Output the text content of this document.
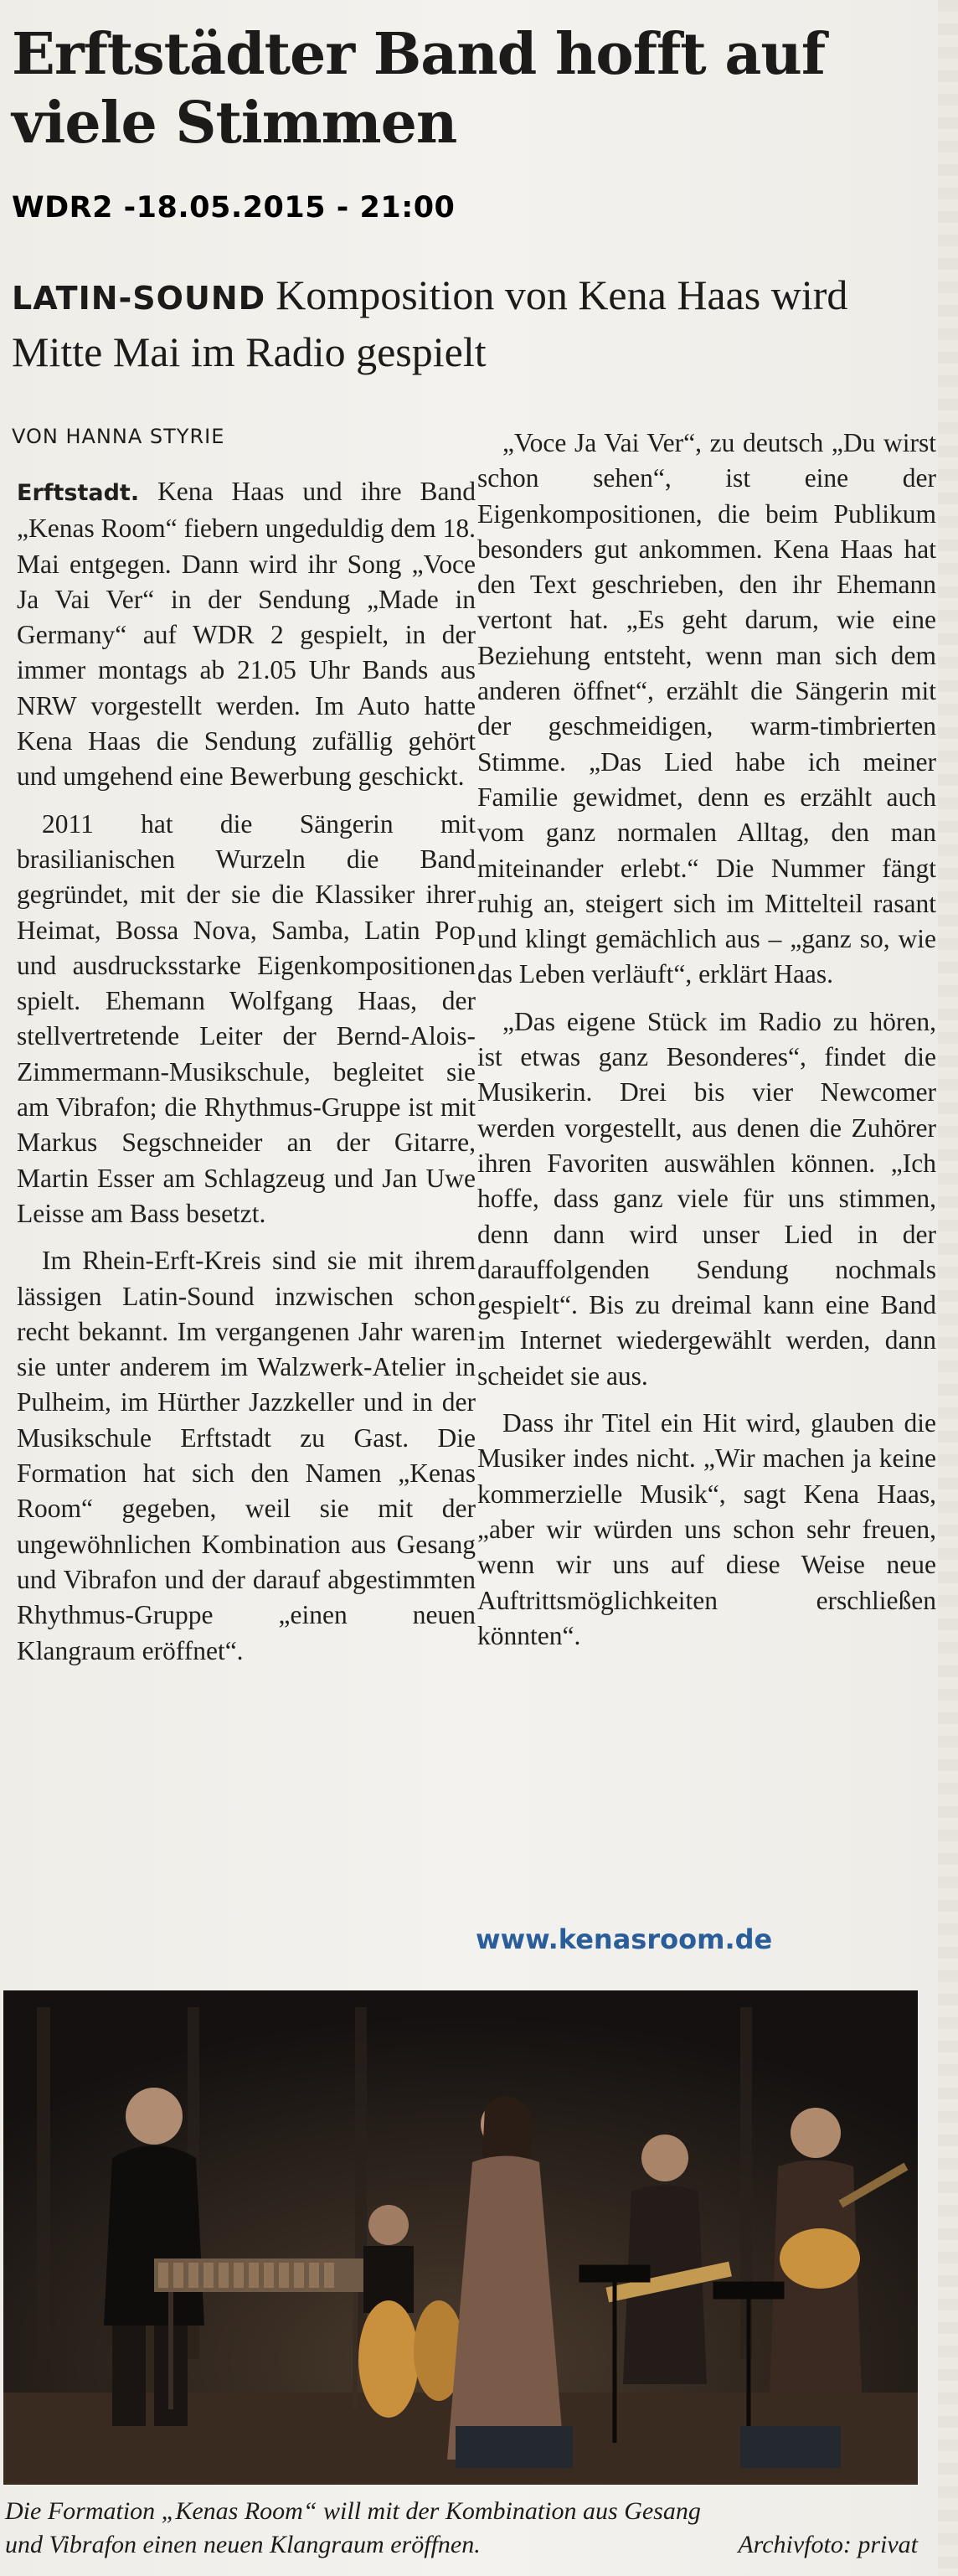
Erftstädter Band hofft auf viele Stimmen
WDR2 -18.05.2015 - 21:00
LATIN-SOUND Komposition von Kena Haas wird Mitte Mai im Radio gespielt
VON HANNA STYRIE

Erftstadt. Kena Haas und ihre Band „Kenas Room“ fiebern ungeduldig dem 18. Mai entgegen. Dann wird ihr Song „Voce Ja Vai Ver“ in der Sendung „Made in Germany“ auf WDR 2 gespielt, in der immer montags ab 21.05 Uhr Bands aus NRW vorgestellt werden. Im Auto hatte Kena Haas die Sendung zufällig gehört und umgehend eine Bewerbung geschickt.

2011 hat die Sängerin mit brasilianischen Wurzeln die Band gegründet, mit der sie die Klassiker ihrer Heimat, Bossa Nova, Samba, Latin Pop und ausdrucksstarke Eigenkompositionen spielt. Ehemann Wolfgang Haas, der stellvertretende Leiter der Bernd-Alois-Zimmermann-Musikschule, begleitet sie am Vibrafon; die Rhythmus-Gruppe ist mit Markus Segschneider an der Gitarre, Martin Esser am Schlagzeug und Jan Uwe Leisse am Bass besetzt.

Im Rhein-Erft-Kreis sind sie mit ihrem lässigen Latin-Sound inzwischen schon recht bekannt. Im vergangenen Jahr waren sie unter anderem im Walzwerk-Atelier in Pulheim, im Hürther Jazzkeller und in der Musikschule Erftstadt zu Gast. Die Formation hat sich den Namen „Kenas Room“ gegeben, weil sie mit der ungewöhnlichen Kombination aus Gesang und Vibrafon und der darauf abgestimmten Rhythmus-Gruppe „einen neuen Klangraum eröffnet“.

„Voce Ja Vai Ver“, zu deutsch „Du wirst schon sehen“, ist eine der Eigenkompositionen, die beim Publikum besonders gut ankommen. Kena Haas hat den Text geschrieben, den ihr Ehemann vertont hat. „Es geht darum, wie eine Beziehung entsteht, wenn man sich dem anderen öffnet“, erzählt die Sängerin mit der geschmeidigen, warm-timbrierten Stimme. „Das Lied habe ich meiner Familie gewidmet, denn es erzählt auch vom ganz normalen Alltag, den man miteinander erlebt.“ Die Nummer fängt ruhig an, steigert sich im Mittelteil rasant und klingt gemächlich aus – „ganz so, wie das Leben verläuft“, erklärt Haas.

„Das eigene Stück im Radio zu hören, ist etwas ganz Besonderes“, findet die Musikerin. Drei bis vier Newcomer werden vorgestellt, aus denen die Zuhörer ihren Favoriten auswählen können. „Ich hoffe, dass ganz viele für uns stimmen, denn dann wird unser Lied in der darauffolgenden Sendung nochmals gespielt“. Bis zu dreimal kann eine Band im Internet wiedergewählt werden, dann scheidet sie aus.

Dass ihr Titel ein Hit wird, glauben die Musiker indes nicht. „Wir machen ja keine kommerzielle Musik“, sagt Kena Haas, „aber wir würden uns schon sehr freuen, wenn wir uns auf diese Weise neue Auftrittsmöglichkeiten erschließen könnten“.

www.kenasroom.de
Die Formation „Kenas Room“ will mit der Kombination aus Gesang
und Vibrafon einen neuen Klangraum eröffnen.	Archivfoto: privat
